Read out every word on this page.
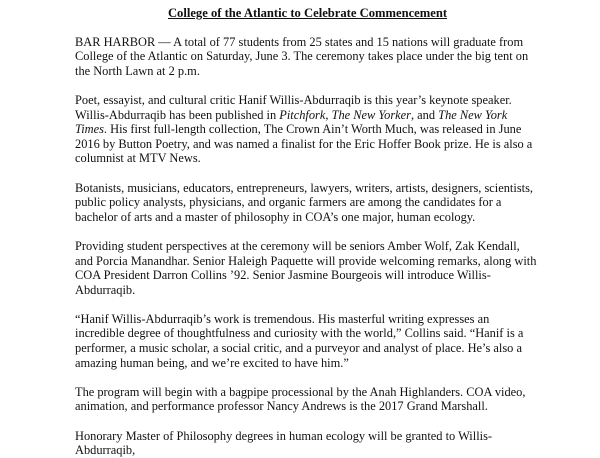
College of the Atlantic to Celebrate Commencement

BAR HARBOR — A total of 77 students from 25 states and 15 nations will graduate from College of the Atlantic on Saturday, June 3. The ceremony takes place under the big tent on the North Lawn at 2 p.m.

Poet, essayist, and cultural critic Hanif Willis-Abdurraqib is this year’s keynote speaker. Willis-Abdurraqib has been published in Pitchfork, The New Yorker, and The New York Times. His first full-length collection, The Crown Ain’t Worth Much, was released in June 2016 by Button Poetry, and was named a finalist for the Eric Hoffer Book prize. He is also a columnist at MTV News.

Botanists, musicians, educators, entrepreneurs, lawyers, writers, artists, designers, scientists, public policy analysts, physicians, and organic farmers are among the candidates for a bachelor of arts and a master of philosophy in COA’s one major, human ecology.

Providing student perspectives at the ceremony will be seniors Amber Wolf, Zak Kendall, and Porcia Manandhar. Senior Haleigh Paquette will provide welcoming remarks, along with COA President Darron Collins ’92. Senior Jasmine Bourgeois will introduce Willis-Abdurraqib.

“Hanif Willis-Abdurraqib’s work is tremendous. His masterful writing expresses an incredible degree of thoughtfulness and curiosity with the world,” Collins said. “Hanif is a performer, a music scholar, a social critic, and a purveyor and analyst of place. He’s also a amazing human being, and we’re excited to have him.”

The program will begin with a bagpipe processional by the Anah Highlanders. COA video, animation, and performance professor Nancy Andrews is the 2017 Grand Marshall.

Honorary Master of Philosophy degrees in human ecology will be granted to Willis-Abdurraqib,
